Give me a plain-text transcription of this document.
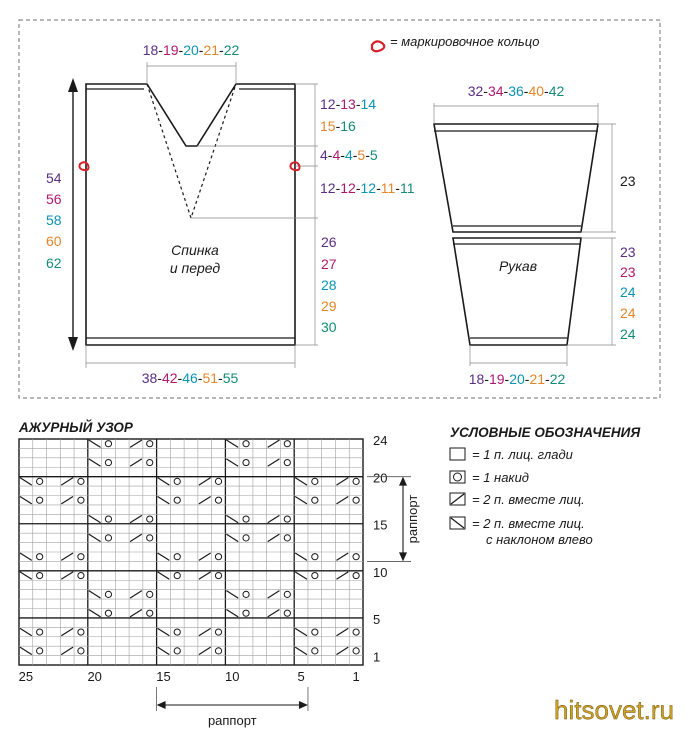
= маркировочное кольцо
Спинка
и перед
18-19-20-21-22
12-13-14
15-16
4-4-4-5-5
12-12-12-11-11
26
27
28
29
30
54
56
58
60
62
38-42-46-51-55
Рукав
32-34-36-40-42
23
23
23
24
24
24
18-19-20-21-22
АЖУРНЫЙ УЗОР
24
20
15
10
5
1
25	20	15	10	5	1
раппорт
раппорт
УСЛОВНЫЕ ОБОЗНАЧЕНИЯ
= 1 п. лиц. глади
= 1 накид
= 2 п. вместе лиц.
= 2 п. вместе лиц.
с наклоном влево
hitsovet.ru
